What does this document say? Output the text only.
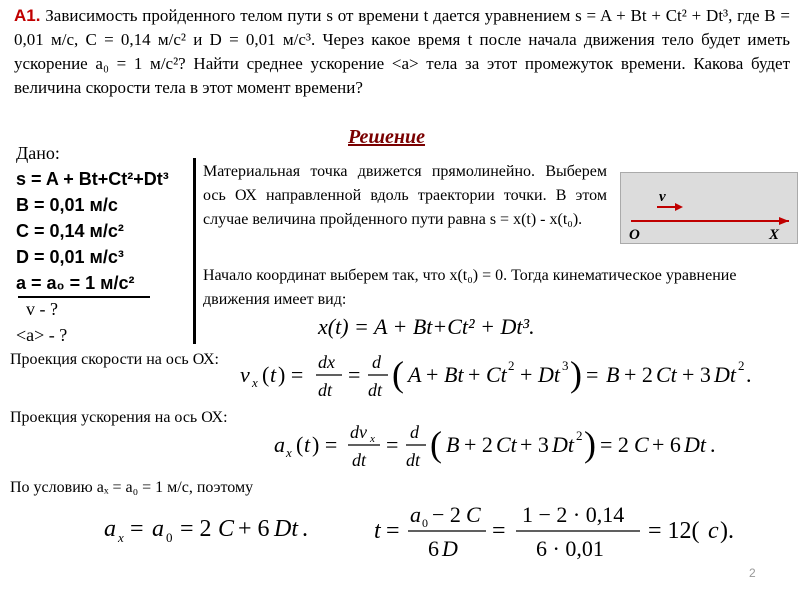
А1. Зависимость пройденного телом пути s от времени t дается уравнением s = A + Bt + Ct² + Dt³, где B = 0,01 м/с, C = 0,14 м/с² и D = 0,01 м/с³. Через какое время t после начала движения тело будет иметь ускорение a₀ = 1 м/с²? Найти среднее ускорение <a> тела за этот промежуток времени. Какова будет величина скорости тела в этот момент времени?
Решение
Дано:
s = A + Bt+Ct²+Dt³
B = 0,01 м/с
C = 0,14 м/с²
D = 0,01 м/с³
a = a₀ = 1 м/с²
v - ?
<a> - ?
Материальная точка движется прямолинейно. Выберем ось ОХ направленной вдоль траектории точки. В этом случае величина пройденного пути равна s = x(t) - x(t₀).
Начало координат выберем так, что x(t₀) = 0. Тогда кинематическое уравнение движения имеет вид:
x(t) = A + Bt+Ct² + Dt³.
v
O	X
Проекция скорости на ось ОХ:
v x ( t ) = dx
dt
= d
dt ( A + Bt + Ct 2 + Dt 3 ) = B + 2 Ct + 3 Dt 2 .
Проекция ускорения на ось ОХ:
a x ( t ) = dv x
dt
= d
dt ( B + 2 Ct + 3 Dt 2 ) = 2 C + 6 Dt .
По условию aₓ = a₀ = 1 м/с, поэтому
a x = a 0 = 2 C + 6 Dt .	t =
a 0 − 2 C
6 D
=
1 − 2 · 0,14
6 · 0,01
= 12( c ).
2
